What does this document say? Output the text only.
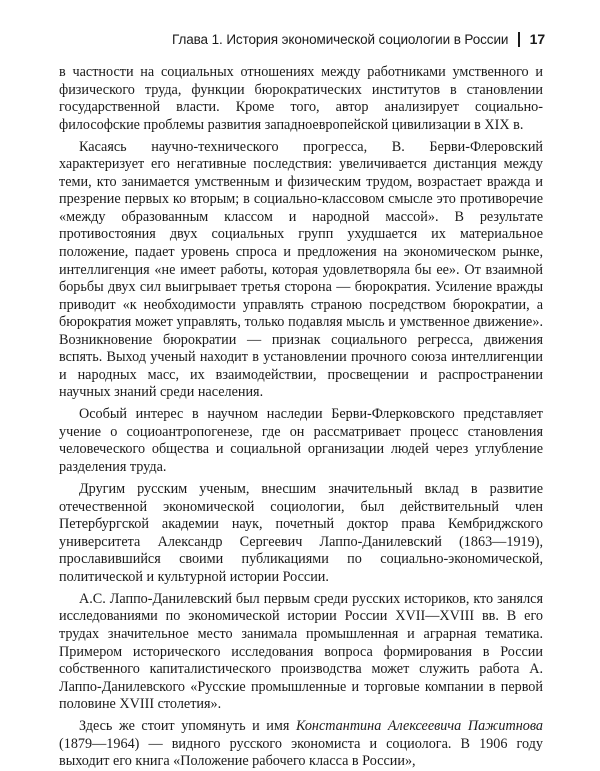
Глава 1. История экономической социологии в России 17

в частности на социальных отношениях между работниками умственного и физического труда, функции бюрократических институтов в становлении государственной власти. Кроме того, автор анализирует социально-философские проблемы развития западноевропейской цивилизации в XIX в.

Касаясь научно-технического прогресса, В. Берви-Флеровский характеризует его негативные последствия: увеличивается дистанция между теми, кто занимается умственным и физическим трудом, возрастает вражда и презрение первых ко вторым; в социально-классовом смысле это противоречие «между образованным классом и народной массой». В результате противостояния двух социальных групп ухудшается их материальное положение, падает уровень спроса и предложения на экономическом рынке, интеллигенция «не имеет работы, которая удовлетворяла бы ее». От взаимной борьбы двух сил выигрывает третья сторона — бюрократия. Усиление вражды приводит «к необходимости управлять страною посредством бюрократии, а бюрократия может управлять, только подавляя мысль и умственное движение». Возникновение бюрократии — признак социального регресса, движения вспять. Выход ученый находит в установлении прочного союза интеллигенции и народных масс, их взаимодействии, просвещении и распространении научных знаний среди населения.

Особый интерес в научном наследии Берви-Флерковского представляет учение о социоантропогенезе, где он рассматривает процесс становления человеческого общества и социальной организации людей через углубление разделения труда.

Другим русским ученым, внесшим значительный вклад в развитие отечественной экономической социологии, был действительный член Петербургской академии наук, почетный доктор права Кембриджского университета Александр Сергеевич Лаппо-Данилевский (1863—1919), прославившийся своими публикациями по социально-экономической, политической и культурной истории России.

А.С. Лаппо-Данилевский был первым среди русских историков, кто занялся исследованиями по экономической истории России XVII—XVIII вв. В его трудах значительное место занимала промышленная и аграрная тематика. Примером исторического исследования вопроса формирования в России собственного капиталистического производства может служить работа А. Лаппо-Данилевского «Русские промышленные и торговые компании в первой половине XVIII столетия».

Здесь же стоит упомянуть и имя Константина Алексеевича Пажитнова (1879—1964) — видного русского экономиста и социолога. В 1906 году выходит его книга «Положение рабочего класса в России»,
